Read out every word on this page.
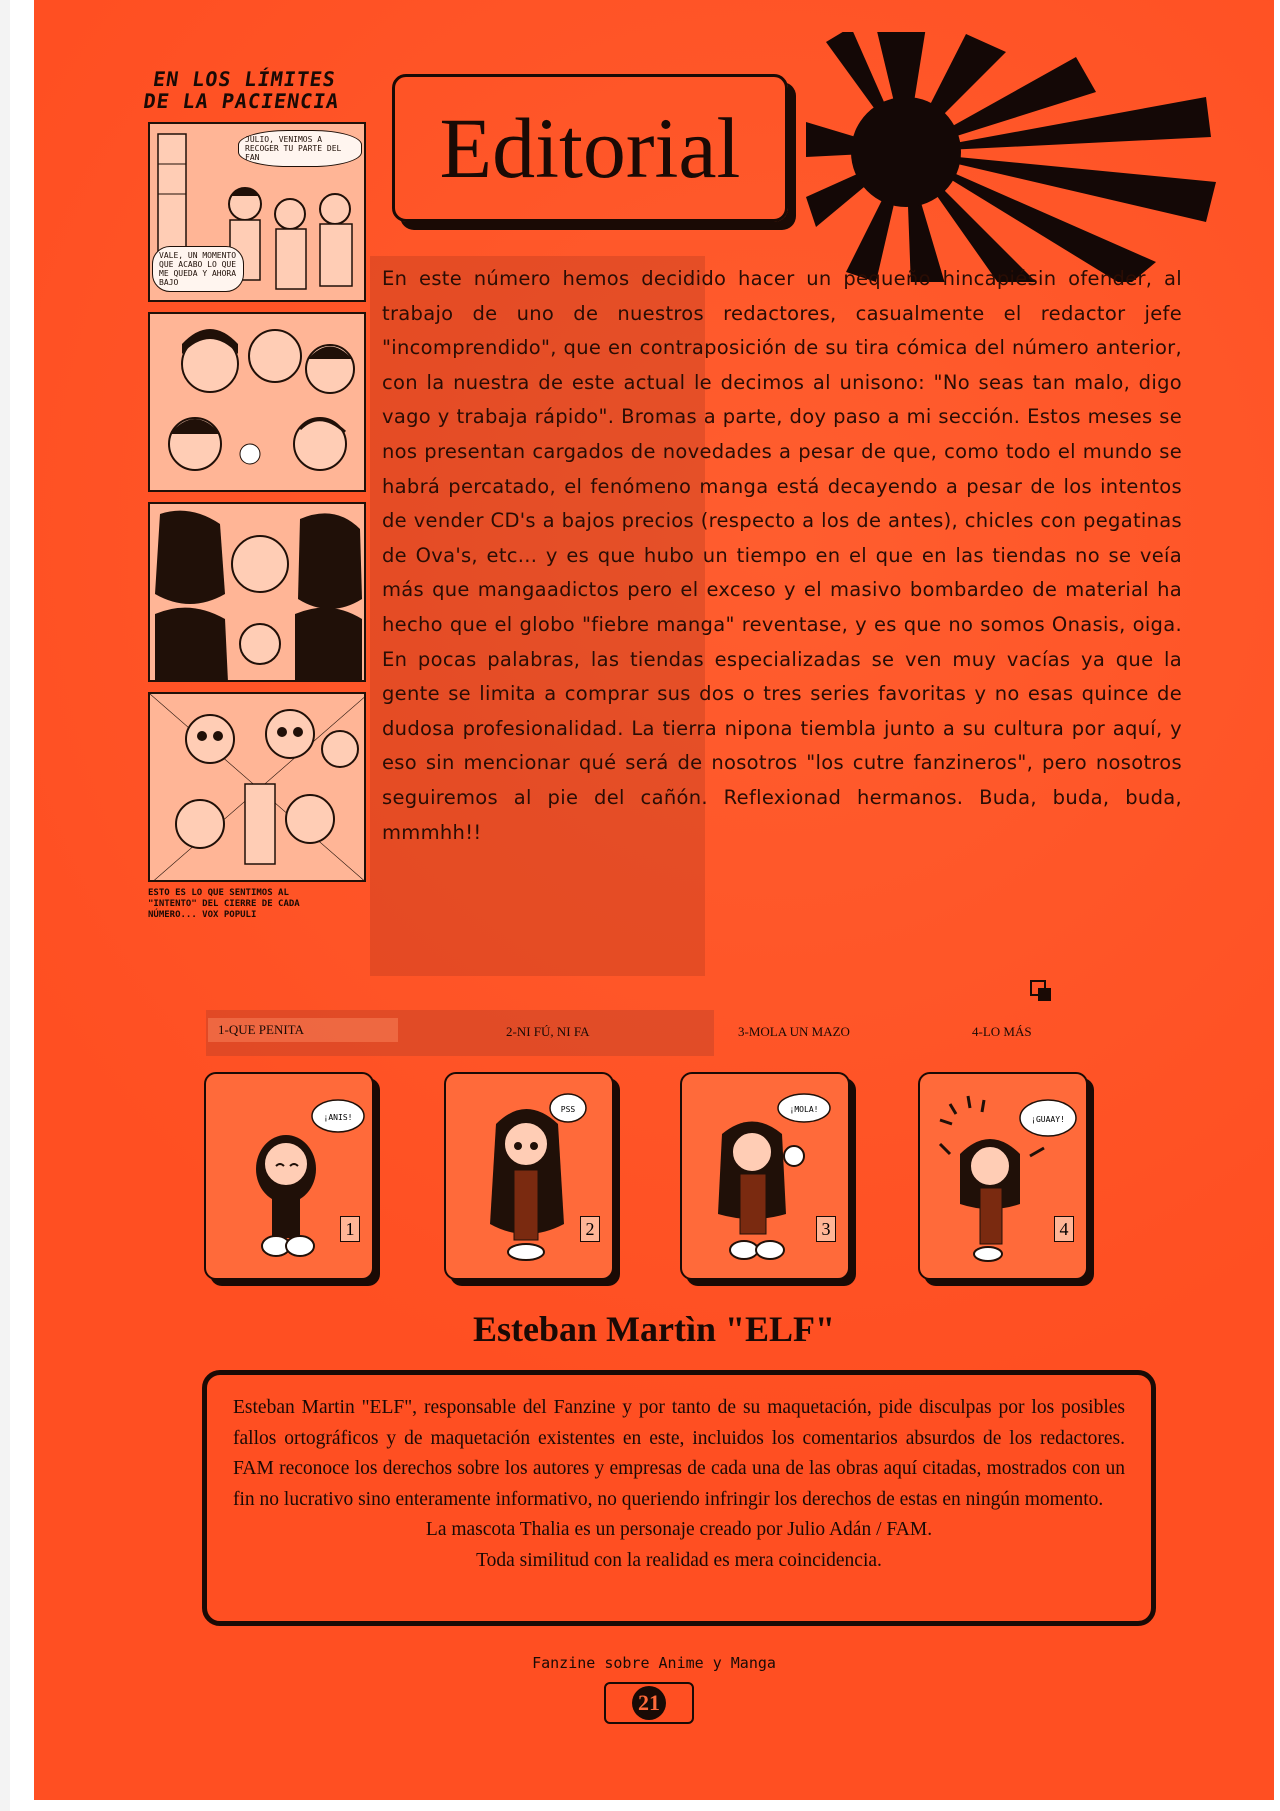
EN LOS LÍMITES
DE LA PACIENCIA
JULIO, VENIMOS A RECOGER TU PARTE DEL FAN
VALE, UN MOMENTO QUE ACABO LO QUE ME QUEDA Y AHORA BAJO
ESTO ES LO QUE SENTIMOS AL
"INTENTO" DEL CIERRE DE CADA
NÚMERO... VOX POPULI
Editorial
En este número hemos decidido hacer un pequeño hincapiésin ofender, al trabajo de uno de nuestros redactores, casualmente el redactor jefe "incomprendido", que en contraposición de su tira cómica del número anterior, con la nuestra de este actual le decimos al unisono: "No seas tan malo, digo vago y trabaja rápido". Bromas a parte, doy paso a mi sección. Estos meses se nos presentan cargados de novedades a pesar de que, como todo el mundo se habrá percatado, el fenómeno manga está decayendo a pesar de los intentos de vender CD's a bajos precios (respecto a los de antes), chicles con pegatinas de Ova's, etc... y es que hubo un tiempo en el que en las tiendas no se veía más que mangaadictos pero el exceso y el masivo bombardeo de material ha hecho que el globo "fiebre manga" reventase, y es que no somos Onasis, oiga. En pocas palabras, las tiendas especializadas se ven muy vacías ya que la gente se limita a comprar sus dos o tres series favoritas y no esas quince de dudosa profesionalidad. La tierra nipona tiembla junto a su cultura por aquí, y eso sin mencionar qué será de nosotros "los cutre fanzineros", pero nosotros seguiremos al pie del cañón. Reflexionad hermanos. Buda, buda, buda, mmmhh!!
1-QUE PENITA	2-NI FÚ, NI FA	3-MOLA UN MAZO	4-LO MÁS
¡ANIS!
1
PSS
2
¡MOLA!
3
¡GUAAY!
4
Esteban Martìn "ELF"

Esteban Martin "ELF", responsable del Fanzine y por tanto de su maquetación, pide disculpas por los posibles fallos ortográficos y de maquetación existentes en este, incluidos los comentarios absurdos de los redactores. FAM reconoce los derechos sobre los autores y empresas de cada una de las obras aquí citadas, mostrados con un fin no lucrativo sino enteramente informativo, no queriendo infringir los derechos de estas en ningún momento.

La mascota Thalia es un personaje creado por Julio Adán / FAM.

Toda similitud con la realidad es mera coincidencia.

Fanzine sobre Anime y Manga
21
